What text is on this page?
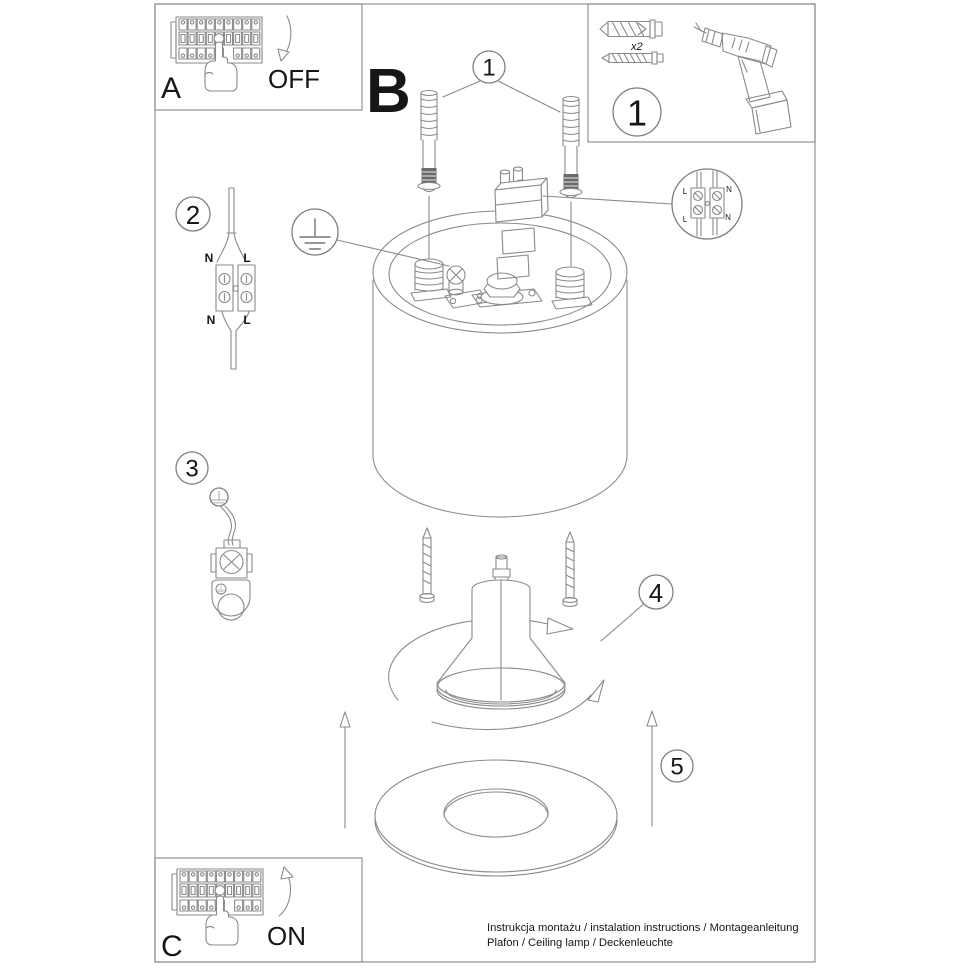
A	OFF
x2
1
B	1
L	N
L	N
2
N L
N L
3
4
5
C	ON	Instrukcja montażu / instalation instructions / Montageanleitung
Plafon / Ceiling lamp / Deckenleuchte
